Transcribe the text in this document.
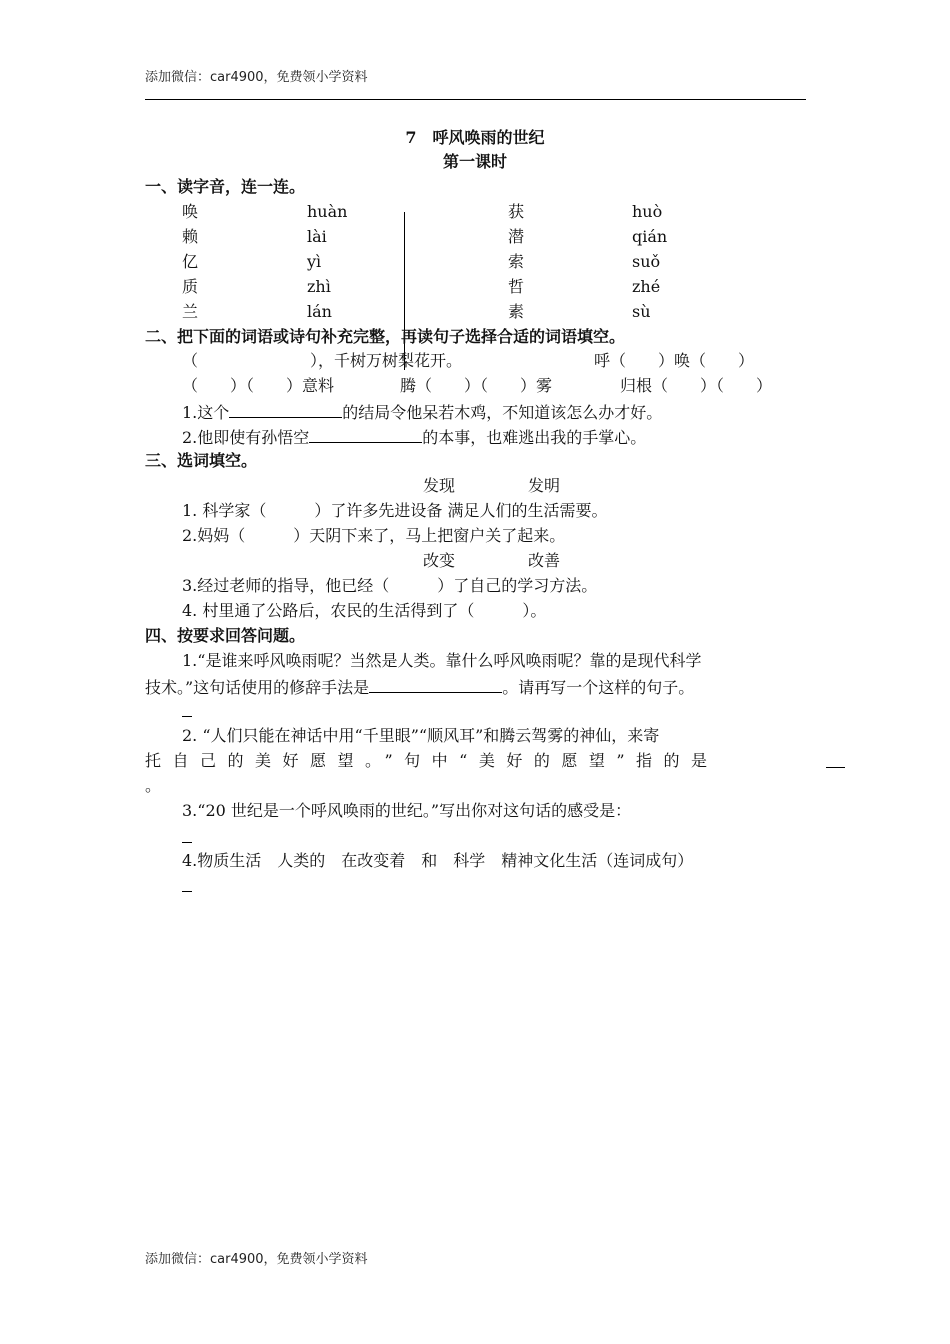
添加微信：car4900，免费领小学资料
7　呼风唤雨的世纪
第一课时
一、读字音，连一连。
唤	huàn	获	huò
赖	lài	潜	qián
亿	yì	索	suǒ
质	zhì	哲	zhé
兰	lán	素	sù
二、把下面的词语或诗句补充完整，再读句子选择合适的词语填空。
（　　　　　　　），千树万树梨花开。	呼（　　）唤（　　）
（　　）（　　）意料	腾（　　）（　　）雾	归根（　　）（　　）
1.这个	的结局令他呆若木鸡，不知道该怎么办才好。
2.他即使有孙悟空	的本事，也难逃出我的手掌心。
三、选词填空。
发现	发明
1. 科学家（　　　）了许多先进设备 满足人们的生活需要。
2.妈妈（　　　）天阴下来了，马上把窗户关了起来。
改变	改善
3.经过老师的指导，他已经（　　　）了自己的学习方法。
4. 村里通了公路后，农民的生活得到了（　　　）。
四、按要求回答问题。
1.“是谁来呼风唤雨呢？当然是人类。靠什么呼风唤雨呢？靠的是现代科学
技术。”这句话使用的修辞手法是	。请再写一个这样的句子。
2. “人们只能在神话中用“千里眼”“顺风耳”和腾云驾雾的神仙，来寄
托自己的美好愿望。”句中“美好的愿望”指的是
。
3.“20 世纪是一个呼风唤雨的世纪。”写出你对这句话的感受是：
4.物质生活　人类的　在改变着　和　科学　精神文化生活（连词成句）
添加微信：car4900，免费领小学资料
